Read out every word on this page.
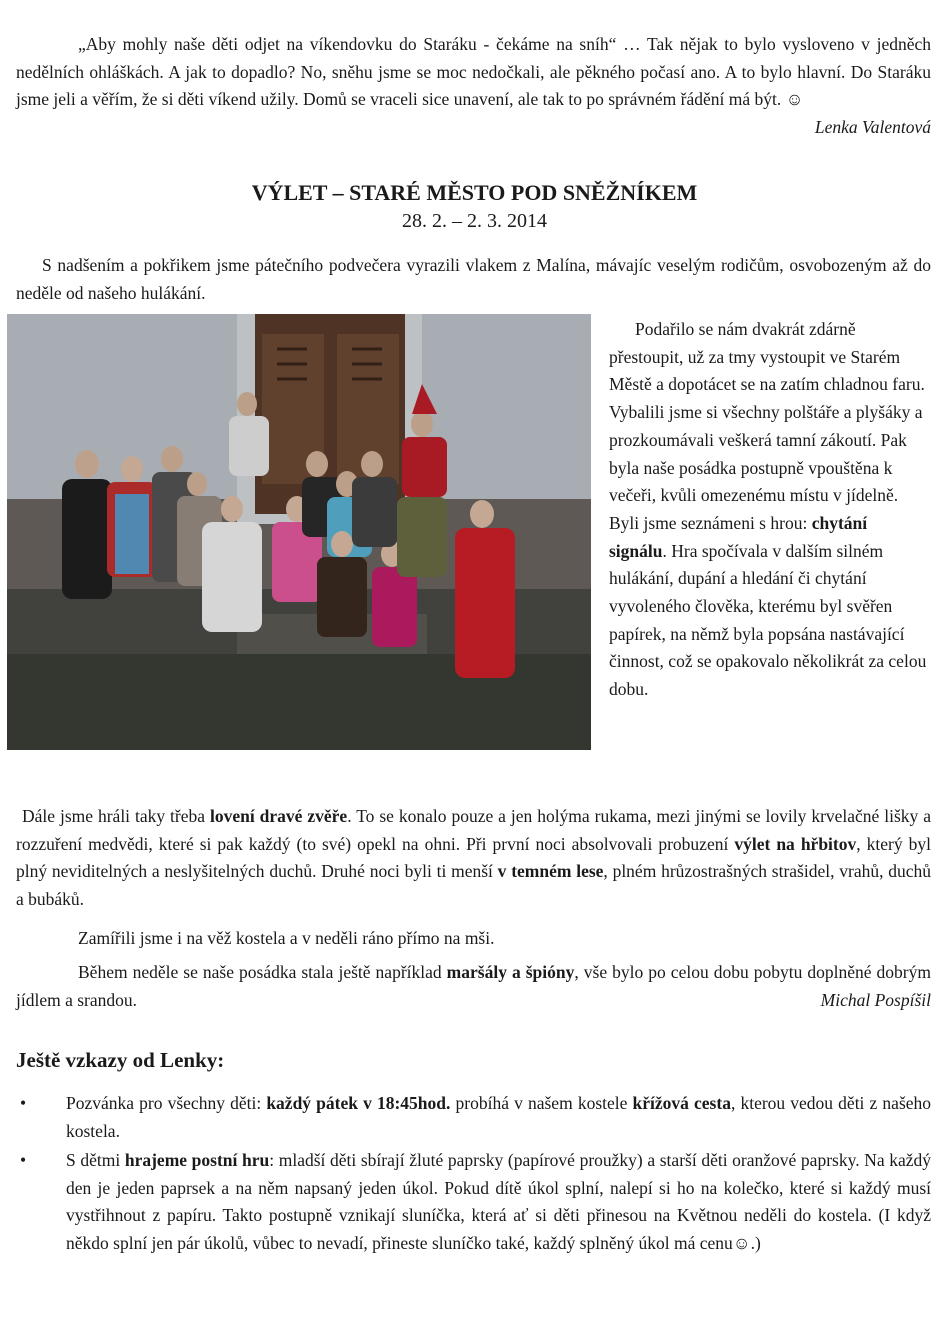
„Aby mohly naše děti odjet na víkendovku do Staráku - čekáme na sníh“ … Tak nějak to bylo vysloveno v jedněch nedělních ohláškách. A jak to dopadlo? No, sněhu jsme se moc nedočkali, ale pěkného počasí ano. A to bylo hlavní. Do Staráku jsme jeli a věřím, že si děti víkend užily. Domů se vraceli sice unavení, ale tak to po správném řádění má být. ☺
Lenka Valentová
VÝLET – STARÉ MĚSTO POD SNĚŽNÍKEM
28. 2. – 2. 3. 2014
S nadšením a pokřikem jsme pátečního podvečera vyrazili vlakem z Malína, mávajíc veselým rodičům, osvobozeným až do neděle od našeho hulákání.
Podařilo se nám dvakrát zdárně přestoupit, už za tmy vystoupit ve Starém Městě a dopotácet se na zatím chladnou faru. Vybalili jsme si všechny polštáře a plyšáky a prozkoumávali veškerá tamní zákoutí. Pak byla naše posádka postupně vpouštěna k večeři, kvůli omezenému místu v jídelně. Byli jsme seznámeni s hrou: chytání signálu. Hra spočívala v dalším silném hulákání, dupání a hledání či chytání vyvoleného člověka, kterému byl svěřen papírek, na němž byla popsána nastávající činnost, což se opakovalo několikrát za celou dobu.
Dále jsme hráli taky třeba lovení dravé zvěře. To se konalo pouze a jen holýma rukama, mezi jinými se lovily krvelačné lišky a rozzuření medvědi, které si pak každý (to své) opekl na ohni. Při první noci absolvovali probuzení výlet na hřbitov, který byl plný neviditelných a neslyšitelných duchů. Druhé noci byli ti menší v temném lese, plném hrůzostrašných strašidel, vrahů, duchů a bubáků.
Zamířili jsme i na věž kostela a v neděli ráno přímo na mši.
Během neděle se naše posádka stala ještě například maršály a špióny, vše bylo po celou dobu pobytu doplněné dobrým jídlem a srandou.	Michal Pospíšil
Ještě vzkazy od Lenky:
• Pozvánka pro všechny děti: každý pátek v 18:45hod. probíhá v našem kostele křížová cesta, kterou vedou děti z našeho kostela.
• S dětmi hrajeme postní hru: mladší děti sbírají žluté paprsky (papírové proužky) a starší děti oranžové paprsky. Na každý den je jeden paprsek a na něm napsaný jeden úkol. Pokud dítě úkol splní, nalepí si ho na kolečko, které si každý musí vystřihnout z papíru. Takto postupně vznikají sluníčka, která ať si děti přinesou na Květnou neděli do kostela. (I když někdo splní jen pár úkolů, vůbec to nevadí, přineste sluníčko také, každý splněný úkol má cenu☺.)
